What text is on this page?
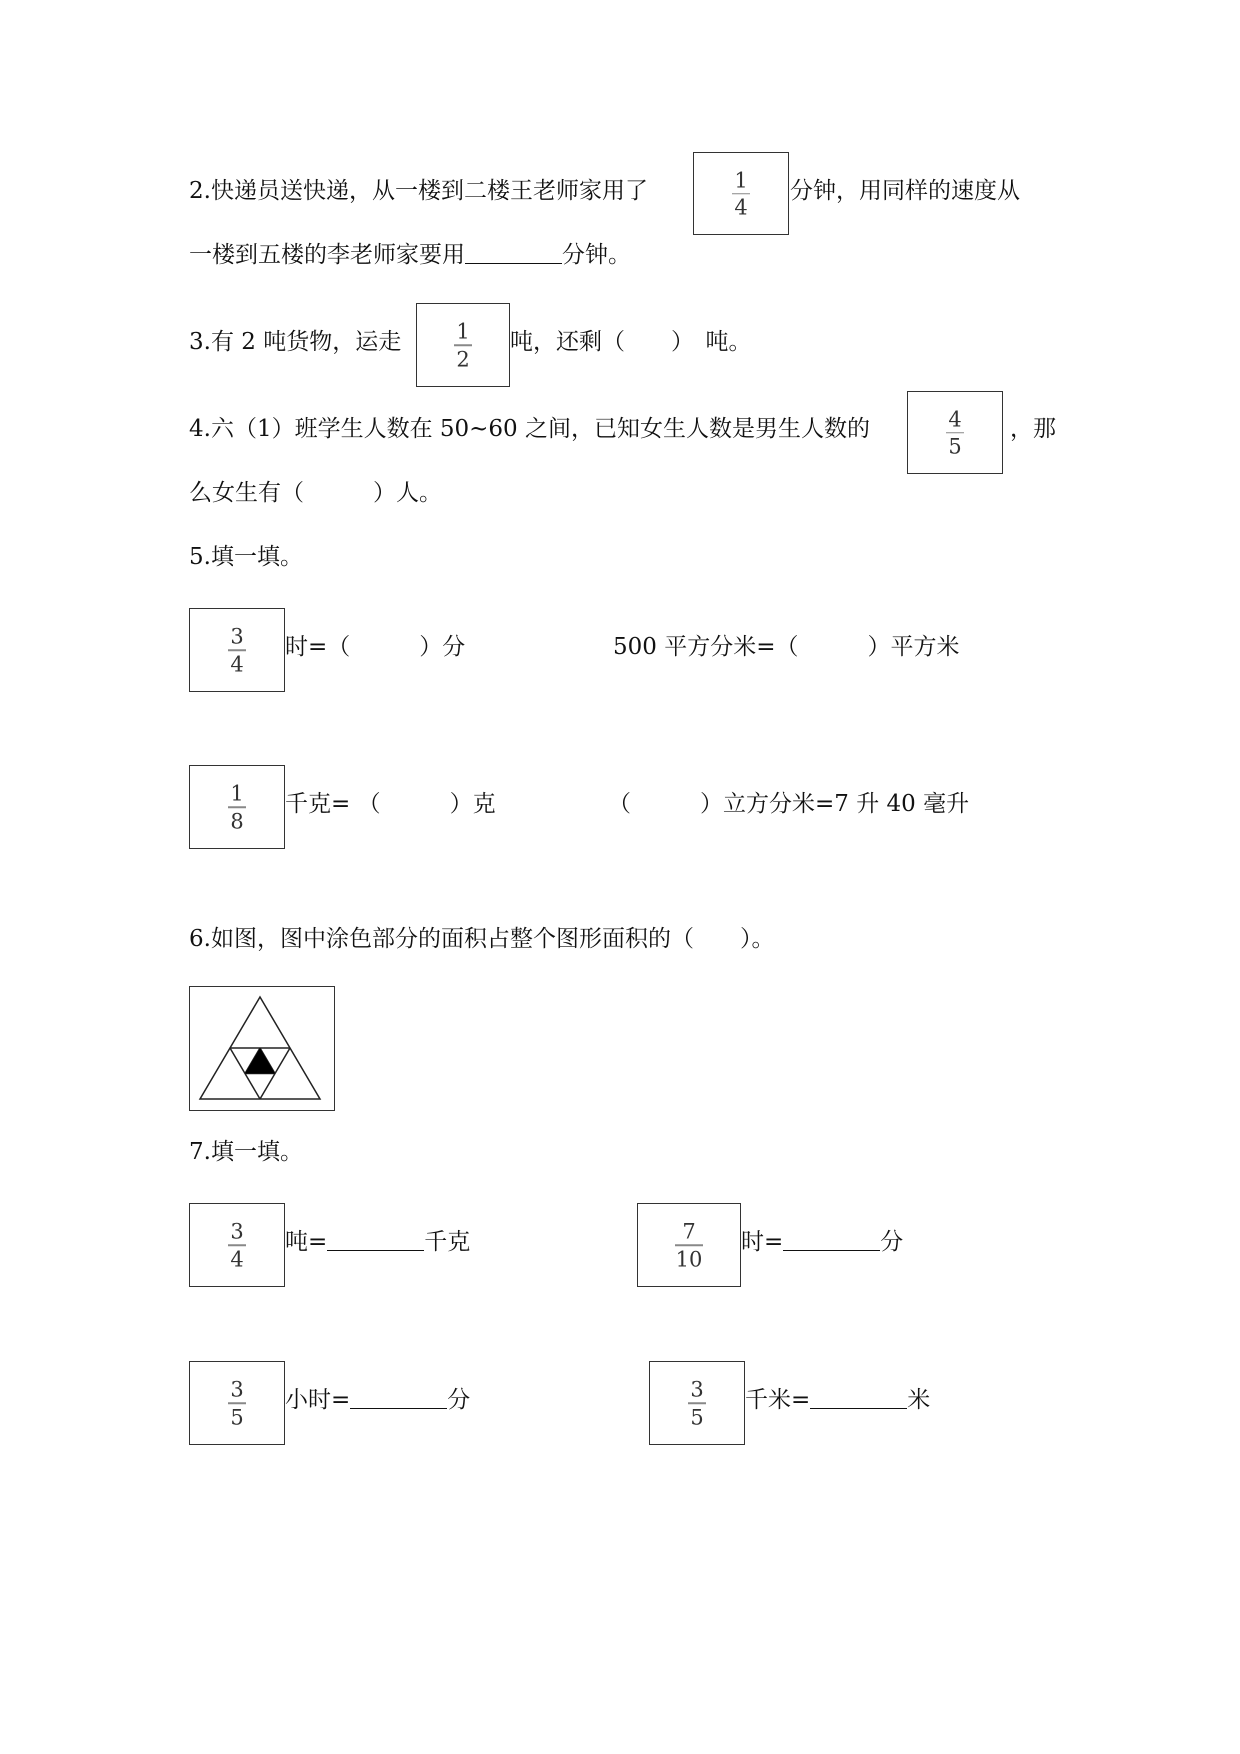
2.快递员送快递，从一楼到二楼王老师家用了	1
4
分钟，用同样的速度从
一楼到五楼的李老师家要用	分钟。
3.有 2 吨货物，运走	1
2
吨，还剩（　　）　吨。
4.六（1）班学生人数在 50~60 之间，已知女生人数是男生人数的	4
5
，那
么女生有（　　　）人。
5.填一填。
3
4
时=（　　　）分	500 平方分米=（　　　）平方米
1
8
千克= （　　　）克	（　　　）立方分米=7 升 40 毫升
6.如图，图中涂色部分的面积占整个图形面积的（　　）。
7.填一填。
3
4
吨=	千克	7
10
时=	分
3
5
小时=	分	3
5
千米=	米
